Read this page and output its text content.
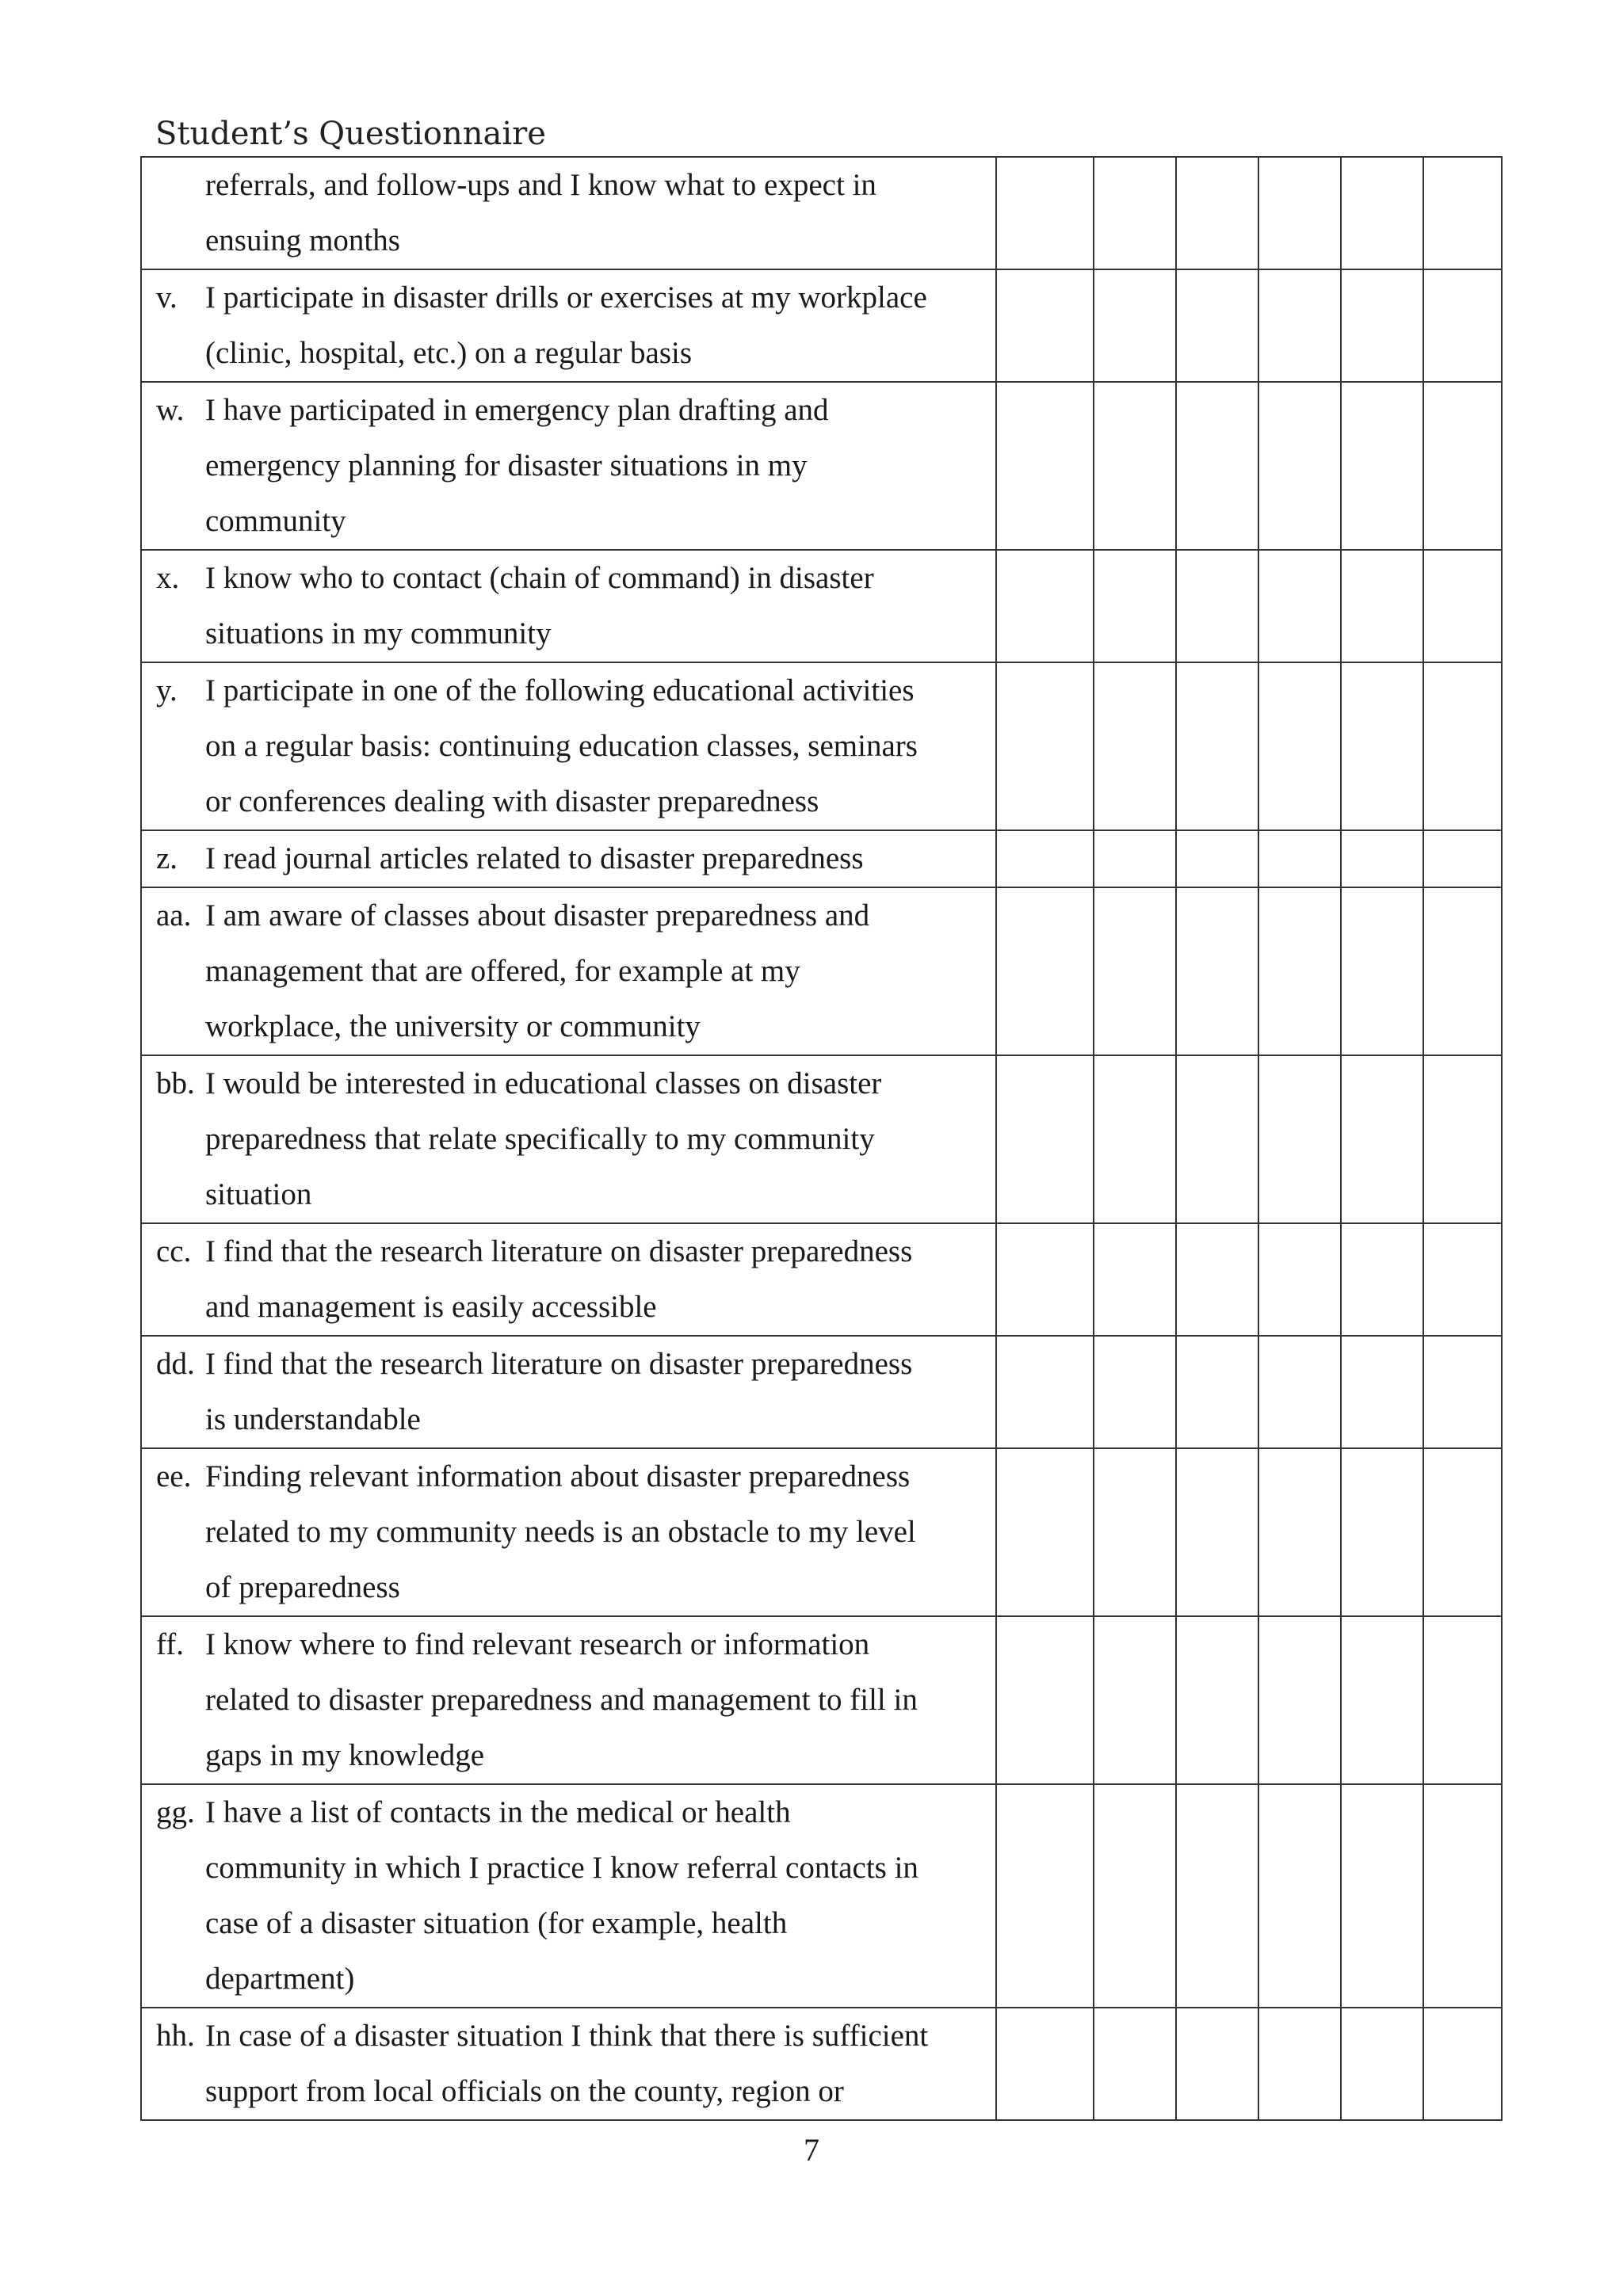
Student’s Questionnaire
referrals, and follow-ups and I know what to expect in
ensuing months						

v. I participate in disaster drills or exercises at my workplace
(clinic, hospital, etc.) on a regular basis						

w. I have participated in emergency plan drafting and
emergency planning for disaster situations in my
community						

x. I know who to contact (chain of command) in disaster
situations in my community						

y. I participate in one of the following educational activities
on a regular basis: continuing education classes, seminars
or conferences dealing with disaster preparedness						

z. I read journal articles related to disaster preparedness						

aa. I am aware of classes about disaster preparedness and
management that are offered, for example at my
workplace, the university or community						

bb. I would be interested in educational classes on disaster
preparedness that relate specifically to my community
situation						

cc. I find that the research literature on disaster preparedness
and management is easily accessible						

dd. I find that the research literature on disaster preparedness
is understandable						

ee. Finding relevant information about disaster preparedness
related to my community needs is an obstacle to my level
of preparedness						

ff. I know where to find relevant research or information
related to disaster preparedness and management to fill in
gaps in my knowledge						

gg. I have a list of contacts in the medical or health
community in which I practice I know referral contacts in
case of a disaster situation (for example, health
department)						

hh. In case of a disaster situation I think that there is sufficient
support from local officials on the county, region or						

7
